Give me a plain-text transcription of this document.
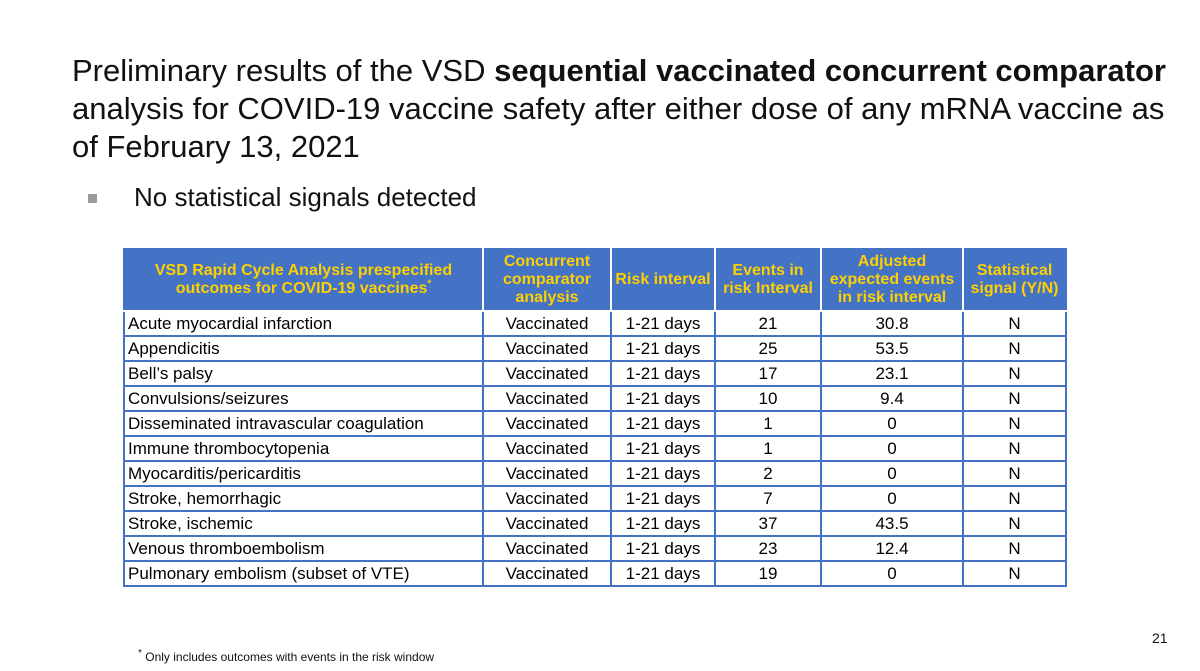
Preliminary results of the VSD sequential vaccinated concurrent comparator analysis for COVID-19 vaccine safety after either dose of any mRNA vaccine as of February 13, 2021
No statistical signals detected
VSD Rapid Cycle Analysis prespecified outcomes for COVID-19 vaccines*	Concurrent comparator analysis	Risk interval	Events in risk Interval	Adjusted expected events in risk interval	Statistical signal (Y/N)
Acute myocardial infarction	Vaccinated	1-21 days	21	30.8	N
Appendicitis	Vaccinated	1-21 days	25	53.5	N
Bell’s palsy	Vaccinated	1-21 days	17	23.1	N
Convulsions/seizures	Vaccinated	1-21 days	10	9.4	N
Disseminated intravascular coagulation	Vaccinated	1-21 days	1	0	N
Immune thrombocytopenia	Vaccinated	1-21 days	1	0	N
Myocarditis/pericarditis	Vaccinated	1-21 days	2	0	N
Stroke, hemorrhagic	Vaccinated	1-21 days	7	0	N
Stroke, ischemic	Vaccinated	1-21 days	37	43.5	N
Venous thromboembolism	Vaccinated	1-21 days	23	12.4	N
Pulmonary embolism (subset of VTE)	Vaccinated	1-21 days	19	0	N
* Only includes outcomes with events in the risk window
21
